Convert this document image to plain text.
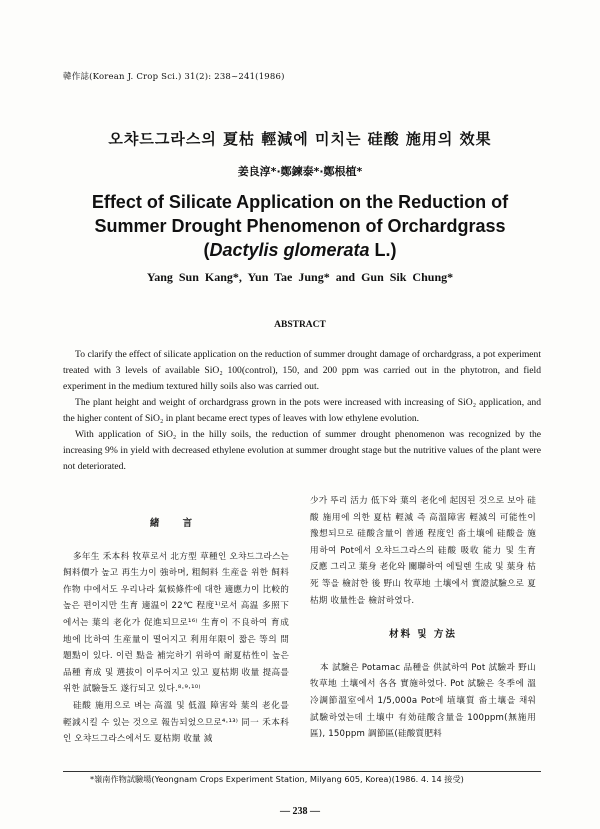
韓作誌(Korean J. Crop Sci.) 31(2): 238~241(1986)
오챠드그라스의 夏枯 輕減에 미치는 硅酸 施用의 效果
姜良淳*·鄭鍊泰*·鄭根植*
Effect of Silicate Application on the Reduction of
Summer Drought Phenomenon of Orchardgrass
(Dactylis glomerata L.)
Yang Sun Kang*, Yun Tae Jung* and Gun Sik Chung*
ABSTRACT

To clarify the effect of silicate application on the reduction of summer drought damage of orchardgrass, a pot experiment treated with 3 levels of available SiO₂ 100(control), 150, and 200 ppm was carried out in the phytotron, and field experiment in the medium textured hilly soils also was carried out.

The plant height and weight of orchardgrass grown in the pots were increased with increasing of SiO₂ application, and the higher content of SiO₂ in plant became erect types of leaves with low ethylene evolution.

With application of SiO₂ in the hilly soils, the reduction of summer drought phenomenon was recognized by the increasing 9% in yield with decreased ethylene evolution at summer drought stage but the nutritive values of the plant were not deteriorated.

緒 言

多年生 禾本科 牧草로서 北方型 草種인 오챠드그라스는 飼料價가 높고 再生力이 強하며, 粗飼料 生産을 위한 飼料作物 中에서도 우리나라 氣候條件에 대한 適應力이 比較的 높은 편이지만 生育 適温이 22℃ 程度¹⁾로서 高温 多照下에서는 葉의 老化가 促進되므로¹⁶⁾ 生育이 不良하여 育成地에 比하여 生産量이 떨어지고 利用年限이 짧은 等의 問題點이 있다. 이런 點을 補完하기 위하여 耐夏枯性이 높은 品種 育成 및 選拔이 이루어지고 있고 夏枯期 收量 提高를 위한 試驗들도 遂行되고 있다.⁸·⁹·¹⁰⁾

硅酸 施用으로 벼는 高溫 및 低溫 障害와 葉의 老化를 輕減시킬 수 있는 것으로 報告되었으므로⁴·¹³⁾ 同一 禾本科인 오챠드그라스에서도 夏枯期 收量 減

少가 뚜리 活力 低下와 葉의 老化에 起因된 것으로 보아 硅酸 施用에 의한 夏枯 輕減 즉 高溫障害 輕減의 可能性이 豫想되므로 硅酸含量이 普通 程度인 畓土壤에 硅酸을 施用하여 Pot에서 오챠드그라스의 硅酸 吸收 能力 및 生育 反應 그리고 葉身 老化와 關聯하여 에틸렌 生成 및 葉身 枯死 等을 檢討한 後 野山 牧草地 土壤에서 實證試驗으로 夏枯期 收量性을 檢討하였다.

材料 및 方法

本 試驗은 Potamac 品種을 供試하여 Pot 試驗과 野山 牧草地 土壤에서 各各 實施하였다. Pot 試驗은 冬季에 溫冷調節溫室에서 1/5,000a Pot에 埴壤質 畓土壤을 채워 試驗하였는데 土壤中 有効硅酸含量을 100ppm(無施用區), 150ppm 調節區(硅酸質肥料

*嶺南作物試驗場(Yeongnam Crops Experiment Station, Milyang 605, Korea)(1986. 4. 14 接受)
— 238 —
